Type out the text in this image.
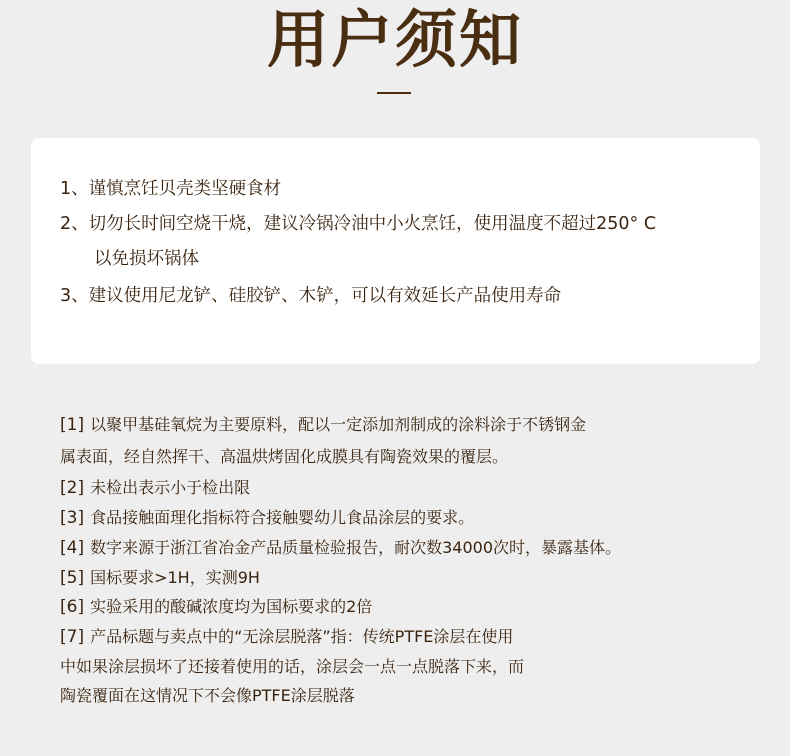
用户须知
1、谨慎烹饪贝壳类坚硬食材
2、切勿长时间空烧干烧，建议冷锅冷油中小火烹饪，使用温度不超过250° C
以免损坏锅体
3、建议使用尼龙铲、硅胶铲、木铲，可以有效延长产品使用寿命
[1] 以聚甲基硅氧烷为主要原料，配以一定添加剂制成的涂料涂于不锈钢金
属表面，经自然挥干、高温烘烤固化成膜具有陶瓷效果的覆层。
[2] 未检出表示小于检出限
[3] 食品接触面理化指标符合接触婴幼儿食品涂层的要求。
[4] 数字来源于浙江省冶金产品质量检验报告，耐次数34000次时，暴露基体。
[5] 国标要求>1H，实测9H
[6] 实验采用的酸碱浓度均为国标要求的2倍
[7] 产品标题与卖点中的“无涂层脱落”指：传统PTFE涂层在使用
中如果涂层损坏了还接着使用的话，涂层会一点一点脱落下来，而
陶瓷覆面在这情况下不会像PTFE涂层脱落
